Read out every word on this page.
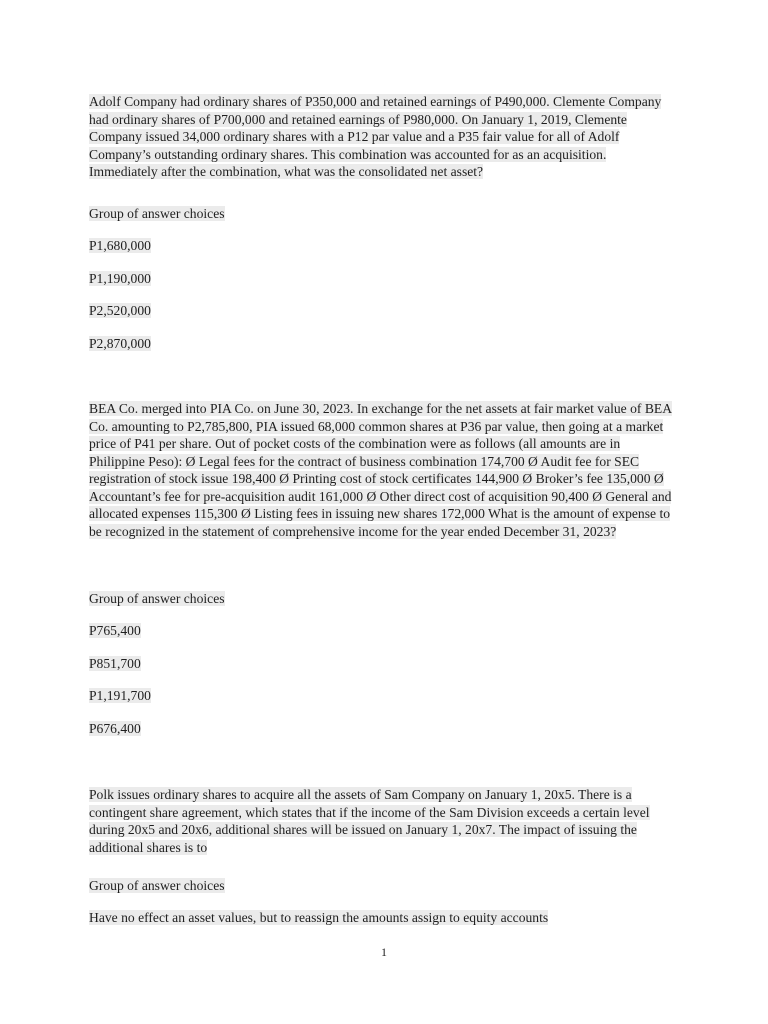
Adolf Company had ordinary shares of P350,000 and retained earnings of P490,000. Clemente Company had ordinary shares of P700,000 and retained earnings of P980,000. On January 1, 2019, Clemente Company issued 34,000 ordinary shares with a P12 par value and a P35 fair value for all of Adolf Company’s outstanding ordinary shares. This combination was accounted for as an acquisition. Immediately after the combination, what was the consolidated net asset?

Group of answer choices

P1,680,000

P1,190,000

P2,520,000

P2,870,000

BEA Co. merged into PIA Co. on June 30, 2023. In exchange for the net assets at fair market value of BEA Co. amounting to P2,785,800, PIA issued 68,000 common shares at P36 par value, then going at a market price of P41 per share. Out of pocket costs of the combination were as follows (all amounts are in Philippine Peso): Ø Legal fees for the contract of business combination 174,700 Ø Audit fee for SEC registration of stock issue 198,400 Ø Printing cost of stock certificates 144,900 Ø Broker’s fee 135,000 Ø Accountant’s fee for pre-acquisition audit 161,000 Ø Other direct cost of acquisition 90,400 Ø General and allocated expenses 115,300 Ø Listing fees in issuing new shares 172,000 What is the amount of expense to be recognized in the statement of comprehensive income for the year ended December 31, 2023?

Group of answer choices

P765,400

P851,700

P1,191,700

P676,400

Polk issues ordinary shares to acquire all the assets of Sam Company on January 1, 20x5. There is a contingent share agreement, which states that if the income of the Sam Division exceeds a certain level during 20x5 and 20x6, additional shares will be issued on January 1, 20x7. The impact of issuing the additional shares is to

Group of answer choices

Have no effect an asset values, but to reassign the amounts assign to equity accounts

1
